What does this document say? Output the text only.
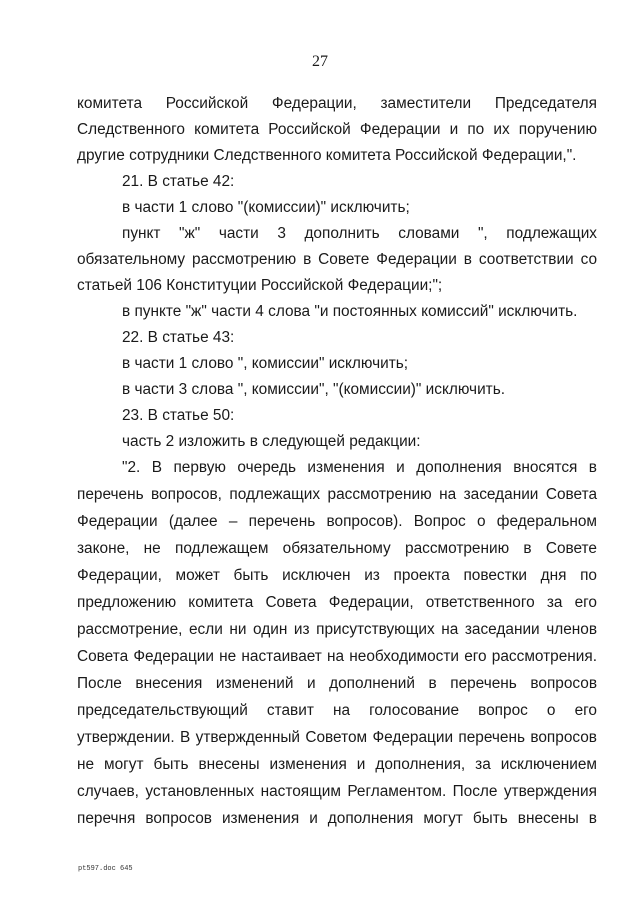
27
комитета Российской Федерации, заместители Председателя
Следственного комитета Российской Федерации и по их поручению
другие сотрудники Следственного комитета Российской Федерации,".
21. В статье 42:
в части 1 слово "(комиссии)" исключить;
пункт "ж" части 3 дополнить словами ", подлежащих
обязательному рассмотрению в Совете Федерации в соответствии со
статьей 106 Конституции Российской Федерации;";
в пункте "ж" части 4 слова "и постоянных комиссий" исключить.
22. В статье 43:
в части 1 слово ", комиссии" исключить;
в части 3 слова ", комиссии", "(комиссии)" исключить.
23. В статье 50:
часть 2 изложить в следующей редакции:
"2. В первую очередь изменения и дополнения вносятся в
перечень вопросов, подлежащих рассмотрению на заседании Совета
Федерации (далее – перечень вопросов). Вопрос о федеральном
законе, не подлежащем обязательному рассмотрению в Совете
Федерации, может быть исключен из проекта повестки дня по
предложению комитета Совета Федерации, ответственного за его
рассмотрение, если ни один из присутствующих на заседании членов
Совета Федерации не настаивает на необходимости его рассмотрения.
После внесения изменений и дополнений в перечень вопросов
председательствующий ставит на голосование вопрос о его
утверждении. В утвержденный Советом Федерации перечень вопросов
не могут быть внесены изменения и дополнения, за исключением
случаев, установленных настоящим Регламентом. После утверждения
перечня вопросов изменения и дополнения могут быть внесены в
pt597.doc 645
